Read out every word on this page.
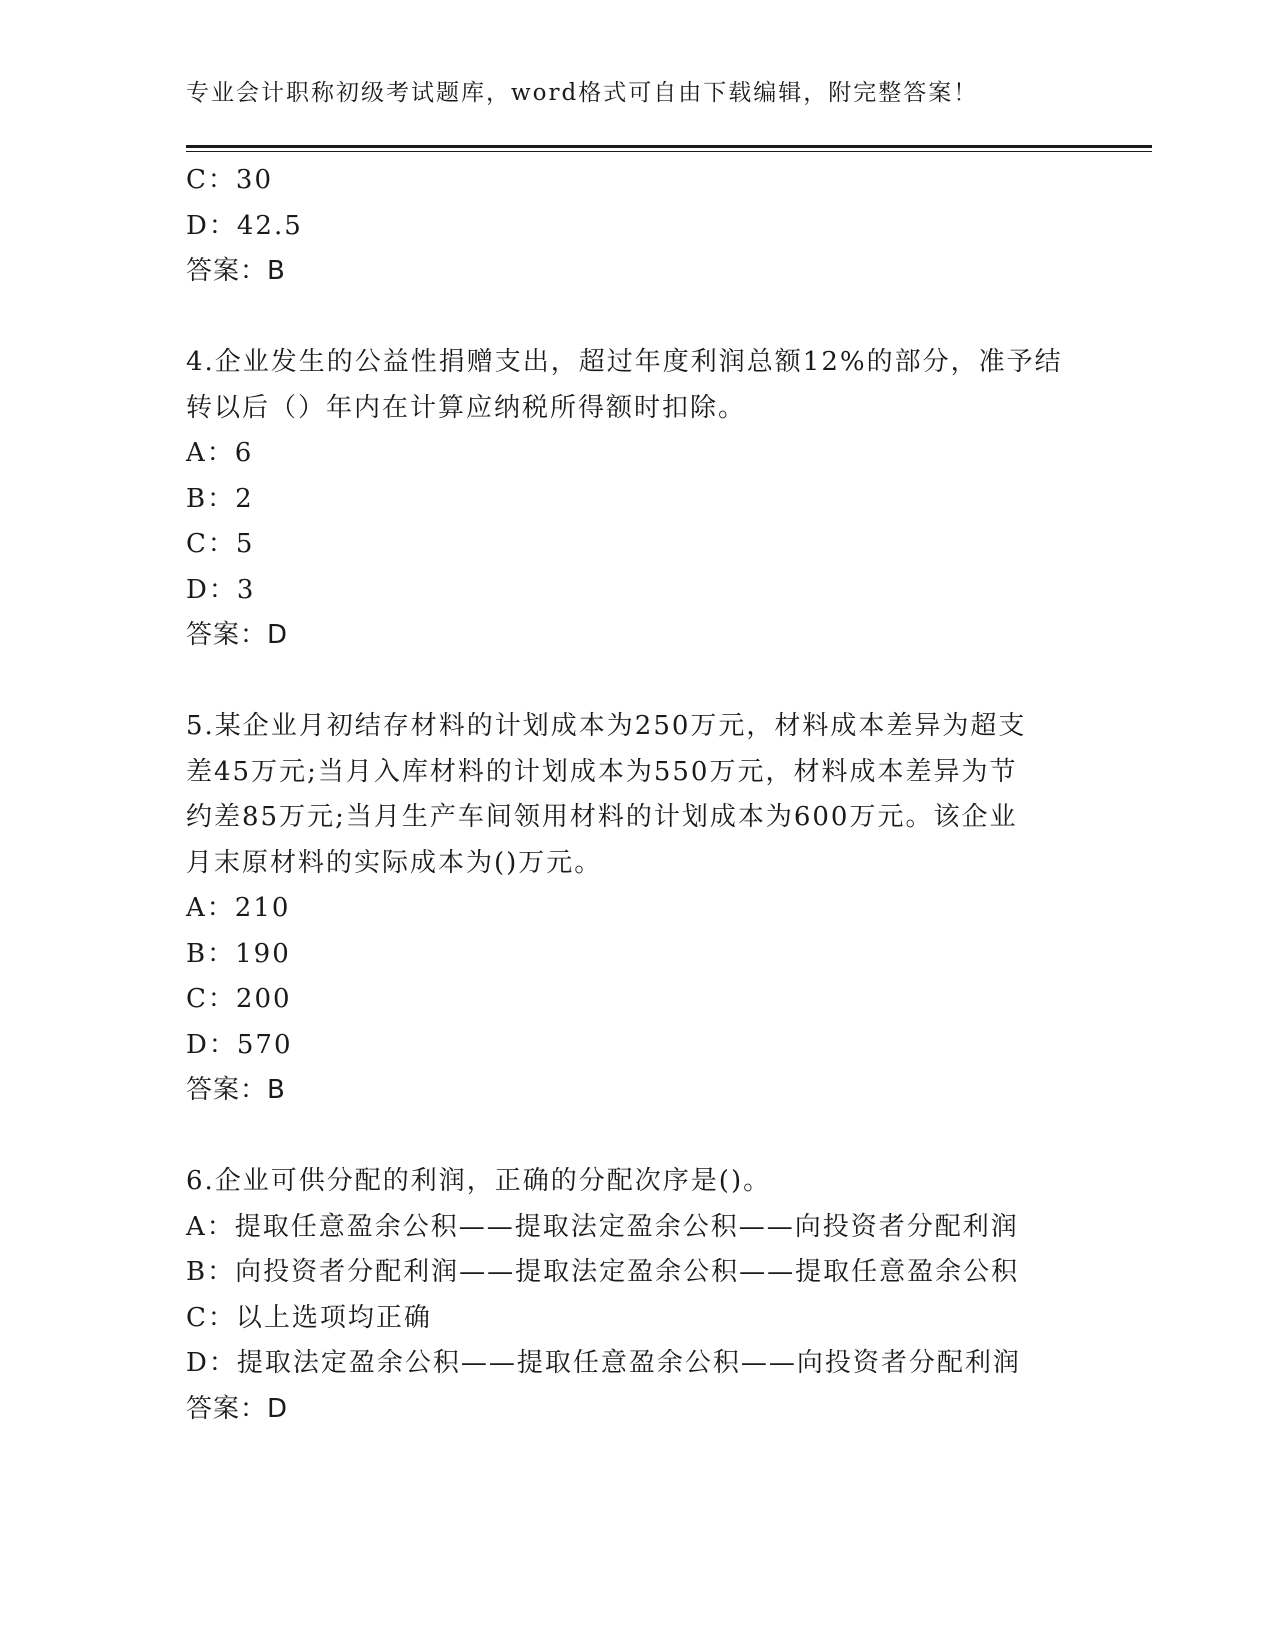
专业会计职称初级考试题库，word格式可自由下载编辑，附完整答案！
C：30
D：42.5
答案：B
4.企业发生的公益性捐赠支出，超过年度利润总额12%的部分，准予结
转以后（）年内在计算应纳税所得额时扣除。
A：6
B：2
C：5
D：3
答案：D
5.某企业月初结存材料的计划成本为250万元，材料成本差异为超支
差45万元;当月入库材料的计划成本为550万元，材料成本差异为节
约差85万元;当月生产车间领用材料的计划成本为600万元。该企业
月末原材料的实际成本为()万元。
A：210
B：190
C：200
D：570
答案：B
6.企业可供分配的利润，正确的分配次序是()。
A：提取任意盈余公积——提取法定盈余公积——向投资者分配利润
B：向投资者分配利润——提取法定盈余公积——提取任意盈余公积
C：以上选项均正确
D：提取法定盈余公积——提取任意盈余公积——向投资者分配利润
答案：D
